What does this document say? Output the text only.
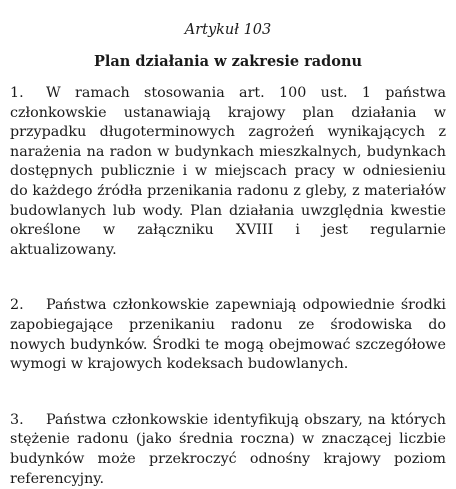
Artykuł 103

Plan działania w zakresie radonu

1. W ramach stosowania art. 100 ust. 1 państwa członkowskie ustanawiają krajowy plan działania w przypadku długoterminowych zagrożeń wynikających z narażenia na radon w budynkach mieszkalnych, budynkach dostępnych publicznie i w miejscach pracy w odniesieniu do każdego źródła przenikania radonu z gleby, z materiałów budowlanych lub wody. Plan działania uwzględnia kwestie określone w załączniku XVIII i jest regularnie aktualizowany.

2. Państwa członkowskie zapewniają odpowiednie środki zapobiegające przenikaniu radonu ze środowiska do nowych budynków. Środki te mogą obejmować szczegółowe wymogi w krajowych kodeksach budowlanych.

3. Państwa członkowskie identyfikują obszary, na których stężenie radonu (jako średnia roczna) w znaczącej liczbie budynków może przekroczyć odnośny krajowy poziom referencyjny.
